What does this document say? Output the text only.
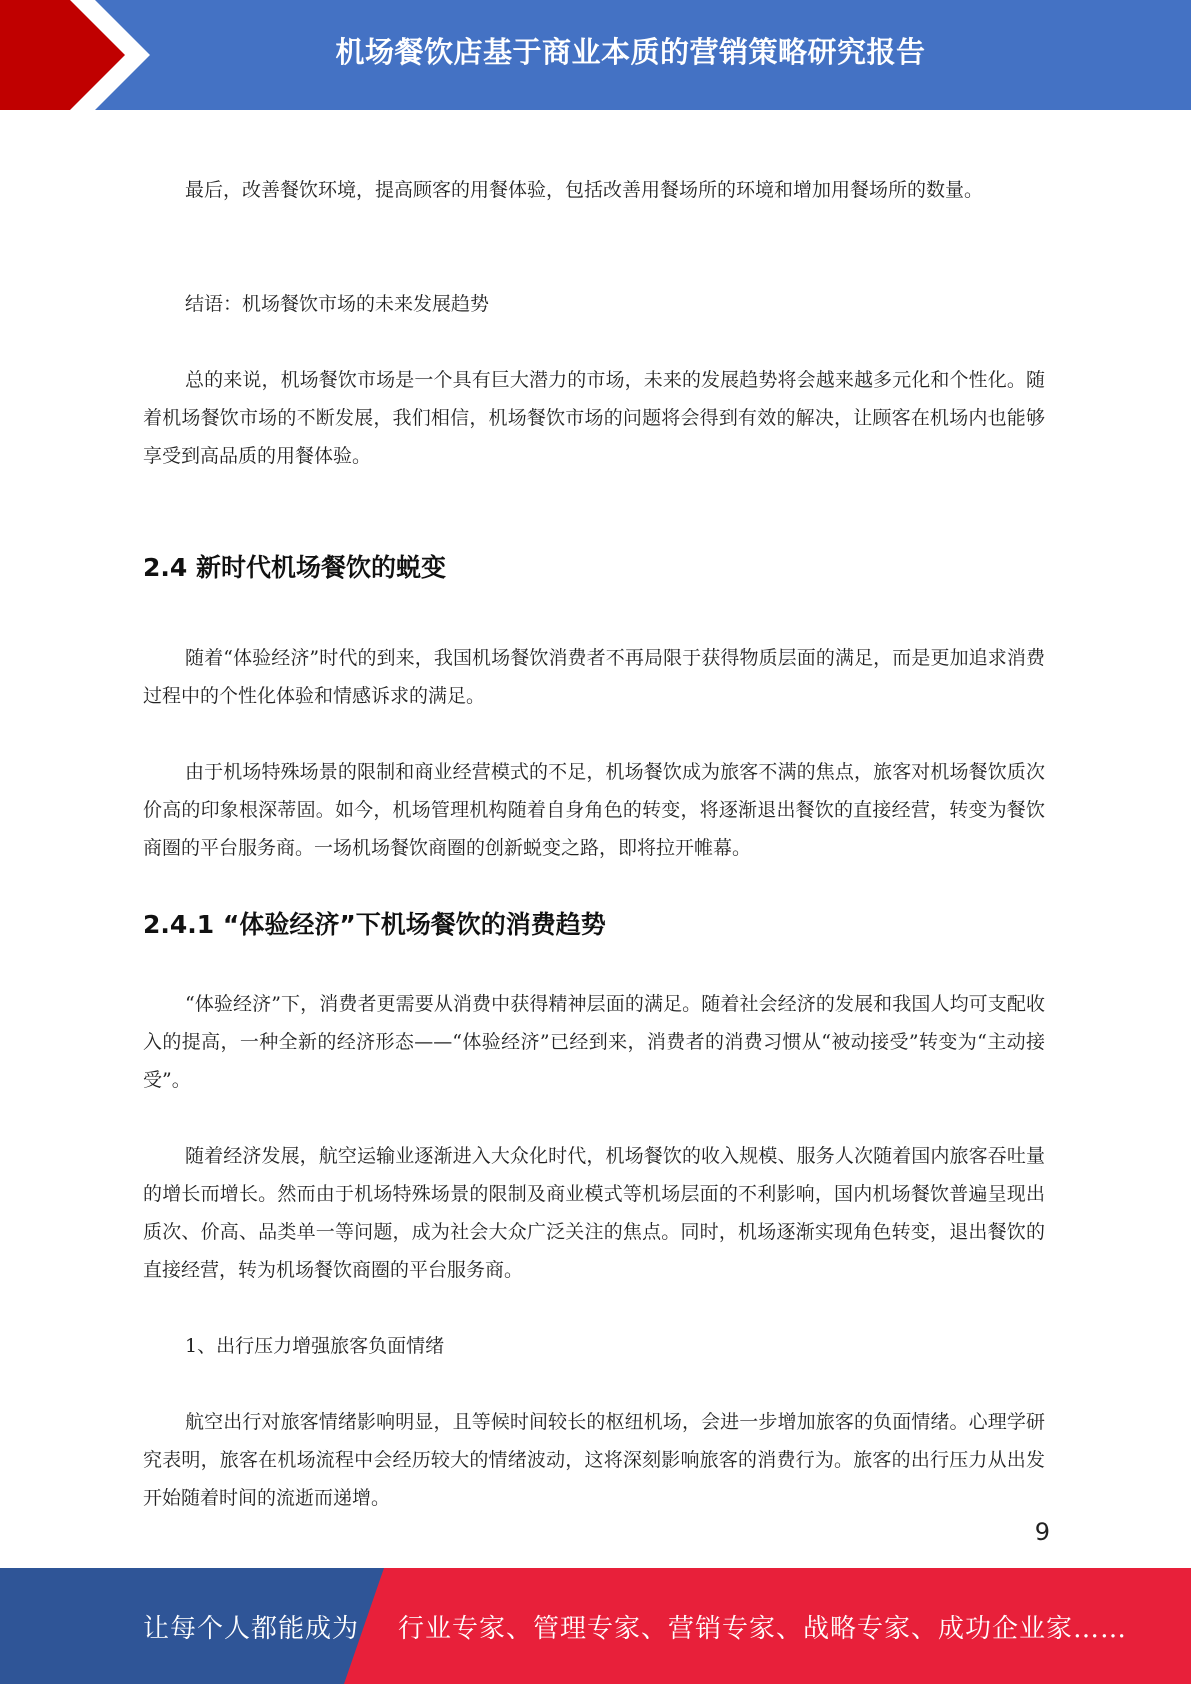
机场餐饮店基于商业本质的营销策略研究报告

最后，改善餐饮环境，提高顾客的用餐体验，包括改善用餐场所的环境和增加用餐场所的数量。

结语：机场餐饮市场的未来发展趋势

总的来说，机场餐饮市场是一个具有巨大潜力的市场，未来的发展趋势将会越来越多元化和个性化。随着机场餐饮市场的不断发展，我们相信，机场餐饮市场的问题将会得到有效的解决，让顾客在机场内也能够享受到高品质的用餐体验。

2.4 新时代机场餐饮的蜕变

随着“体验经济”时代的到来，我国机场餐饮消费者不再局限于获得物质层面的满足，而是更加追求消费过程中的个性化体验和情感诉求的满足。

由于机场特殊场景的限制和商业经营模式的不足，机场餐饮成为旅客不满的焦点，旅客对机场餐饮质次价高的印象根深蒂固。如今，机场管理机构随着自身角色的转变，将逐渐退出餐饮的直接经营，转变为餐饮商圈的平台服务商。一场机场餐饮商圈的创新蜕变之路，即将拉开帷幕。

2.4.1 “体验经济”下机场餐饮的消费趋势

“体验经济”下，消费者更需要从消费中获得精神层面的满足。随着社会经济的发展和我国人均可支配收入的提高，一种全新的经济形态——“体验经济”已经到来，消费者的消费习惯从“被动接受”转变为“主动接受”。

随着经济发展，航空运输业逐渐进入大众化时代，机场餐饮的收入规模、服务人次随着国内旅客吞吐量的增长而增长。然而由于机场特殊场景的限制及商业模式等机场层面的不利影响，国内机场餐饮普遍呈现出质次、价高、品类单一等问题，成为社会大众广泛关注的焦点。同时，机场逐渐实现角色转变，退出餐饮的直接经营，转为机场餐饮商圈的平台服务商。

1、出行压力增强旅客负面情绪

航空出行对旅客情绪影响明显，且等候时间较长的枢纽机场，会进一步增加旅客的负面情绪。心理学研究表明，旅客在机场流程中会经历较大的情绪波动，这将深刻影响旅客的消费行为。旅客的出行压力从出发开始随着时间的流逝而递增。

9
让每个人都能成为 行业专家、管理专家、营销专家、战略专家、成功企业家……
